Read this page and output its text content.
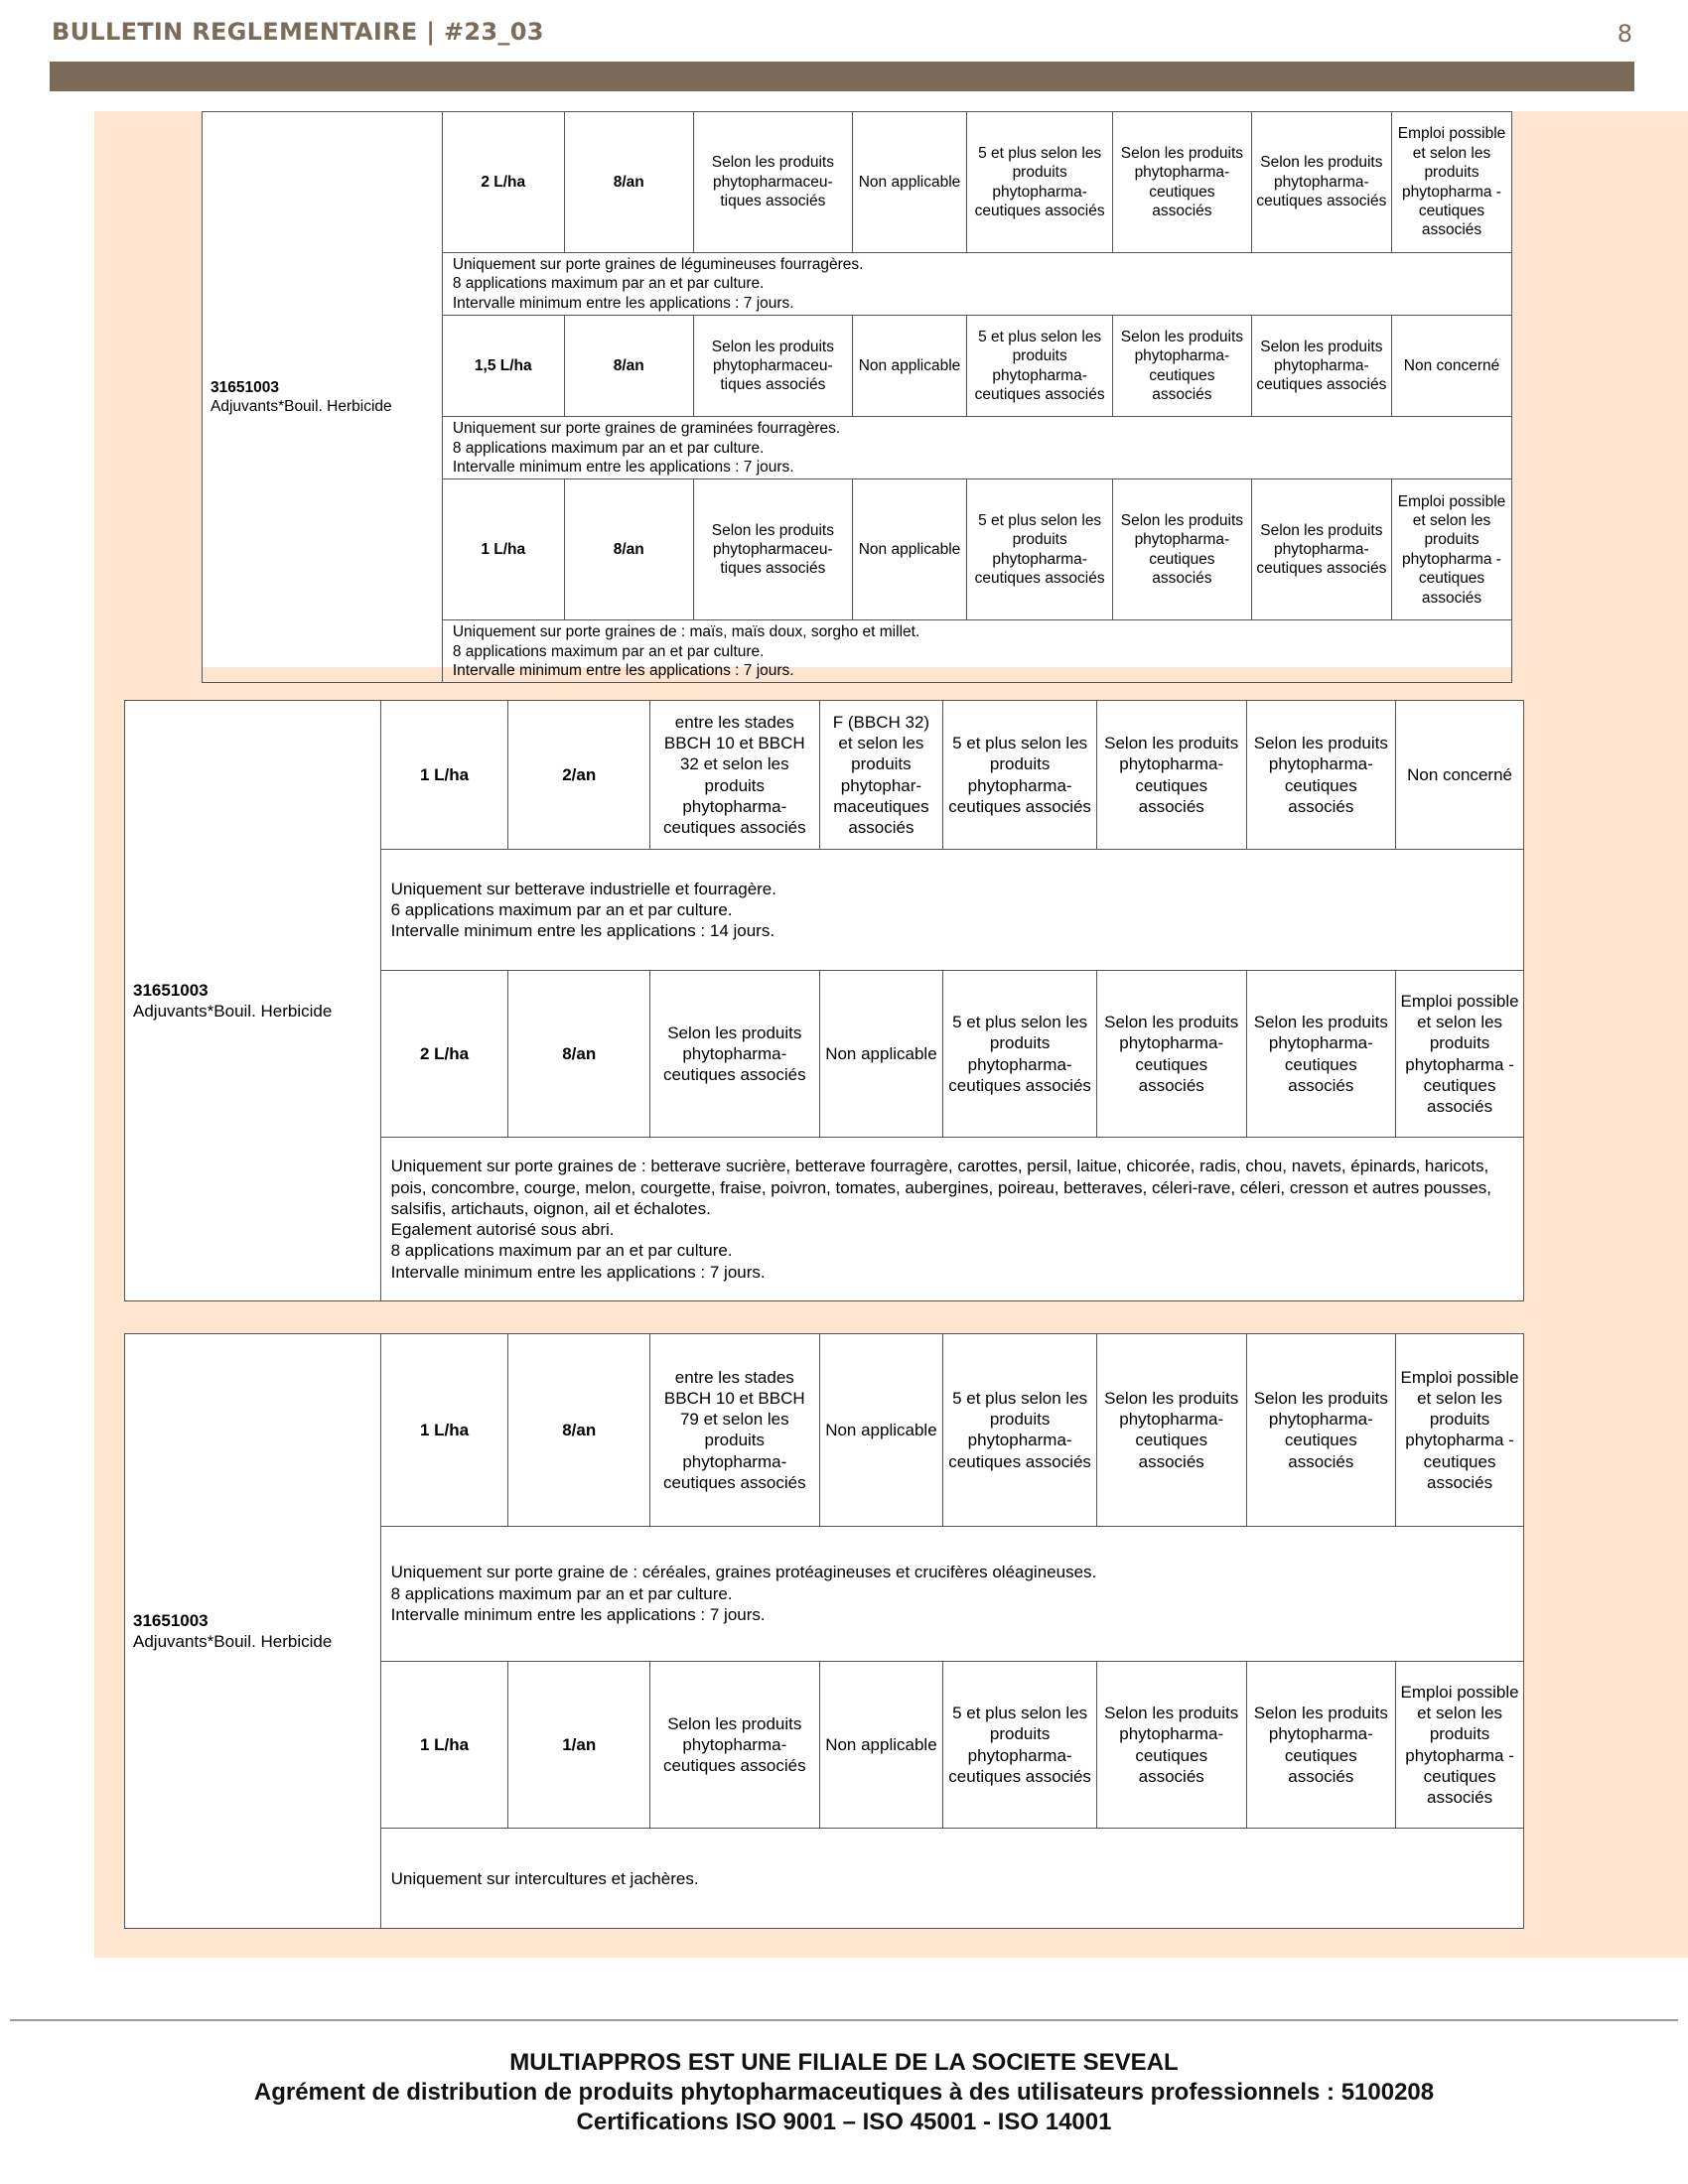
BULLETIN REGLEMENTAIRE | #23_03	8
31651003
Adjuvants*Bouil. Herbicide	2 L/ha	8/an	Selon les produits phytopharmaceu-tiques associés	Non applicable	5 et plus selon les produits phytopharma-ceutiques associés	Selon les produits phytopharma-ceutiques associés	Selon les produits phytopharma-ceutiques associés	Emploi possible et selon les produits phytopharma -ceutiques associés

	Uniquement sur porte graines de légumineuses fourragères.
8 applications maximum par an et par culture.
Intervalle minimum entre les applications : 7 jours.							

	1,5 L/ha	8/an	Selon les produits phytopharmaceu-tiques associés	Non applicable	5 et plus selon les produits phytopharma-ceutiques associés	Selon les produits phytopharma-ceutiques associés	Selon les produits phytopharma-ceutiques associés	Non concerné

	Uniquement sur porte graines de graminées fourragères.
8 applications maximum par an et par culture.
Intervalle minimum entre les applications : 7 jours.							

	1 L/ha	8/an	Selon les produits phytopharmaceu-tiques associés	Non applicable	5 et plus selon les produits phytopharma-ceutiques associés	Selon les produits phytopharma-ceutiques associés	Selon les produits phytopharma-ceutiques associés	Emploi possible et selon les produits phytopharma -ceutiques associés

	Uniquement sur porte graines de : maïs, maïs doux, sorgho et millet.
8 applications maximum par an et par culture.
Intervalle minimum entre les applications : 7 jours.							
31651003
Adjuvants*Bouil. Herbicide	1 L/ha	2/an	entre les stades BBCH 10 et BBCH 32 et selon les produits phytopharma-ceutiques associés	F (BBCH 32) et selon les produits phytophar-maceutiques associés	5 et plus selon les produits phytopharma-ceutiques associés	Selon les produits phytopharma-ceutiques associés	Selon les produits phytopharma-ceutiques associés	Non concerné

	Uniquement sur betterave industrielle et fourragère.
6 applications maximum par an et par culture.
Intervalle minimum entre les applications : 14 jours.							

	2 L/ha	8/an	Selon les produits phytopharma-ceutiques associés	Non applicable	5 et plus selon les produits phytopharma-ceutiques associés	Selon les produits phytopharma-ceutiques associés	Selon les produits phytopharma-ceutiques associés	Emploi possible et selon les produits phytopharma -ceutiques associés

	Uniquement sur porte graines de : betterave sucrière, betterave fourragère, carottes, persil, laitue, chicorée, radis, chou, navets, épinards, haricots, pois, concombre, courge, melon, courgette, fraise, poivron, tomates, aubergines, poireau, betteraves, céleri-rave, céleri, cresson et autres pousses, salsifis, artichauts, oignon, ail et échalotes.
Egalement autorisé sous abri.
8 applications maximum par an et par culture.
Intervalle minimum entre les applications : 7 jours.							
31651003
Adjuvants*Bouil. Herbicide	1 L/ha	8/an	entre les stades BBCH 10 et BBCH 79 et selon les produits phytopharma-ceutiques associés	Non applicable	5 et plus selon les produits phytopharma-ceutiques associés	Selon les produits phytopharma-ceutiques associés	Selon les produits phytopharma-ceutiques associés	Emploi possible et selon les produits phytopharma -ceutiques associés

	Uniquement sur porte graine de : céréales, graines protéagineuses et crucifères oléagineuses.
8 applications maximum par an et par culture.
Intervalle minimum entre les applications : 7 jours.							

	1 L/ha	1/an	Selon les produits phytopharma-ceutiques associés	Non applicable	5 et plus selon les produits phytopharma-ceutiques associés	Selon les produits phytopharma-ceutiques associés	Selon les produits phytopharma-ceutiques associés	Emploi possible et selon les produits phytopharma -ceutiques associés

	Uniquement sur intercultures et jachères.							
MULTIAPPROS EST UNE FILIALE DE LA SOCIETE SEVEAL
Agrément de distribution de produits phytopharmaceutiques à des utilisateurs professionnels : 5100208
Certifications ISO 9001 – ISO 45001 - ISO 14001
